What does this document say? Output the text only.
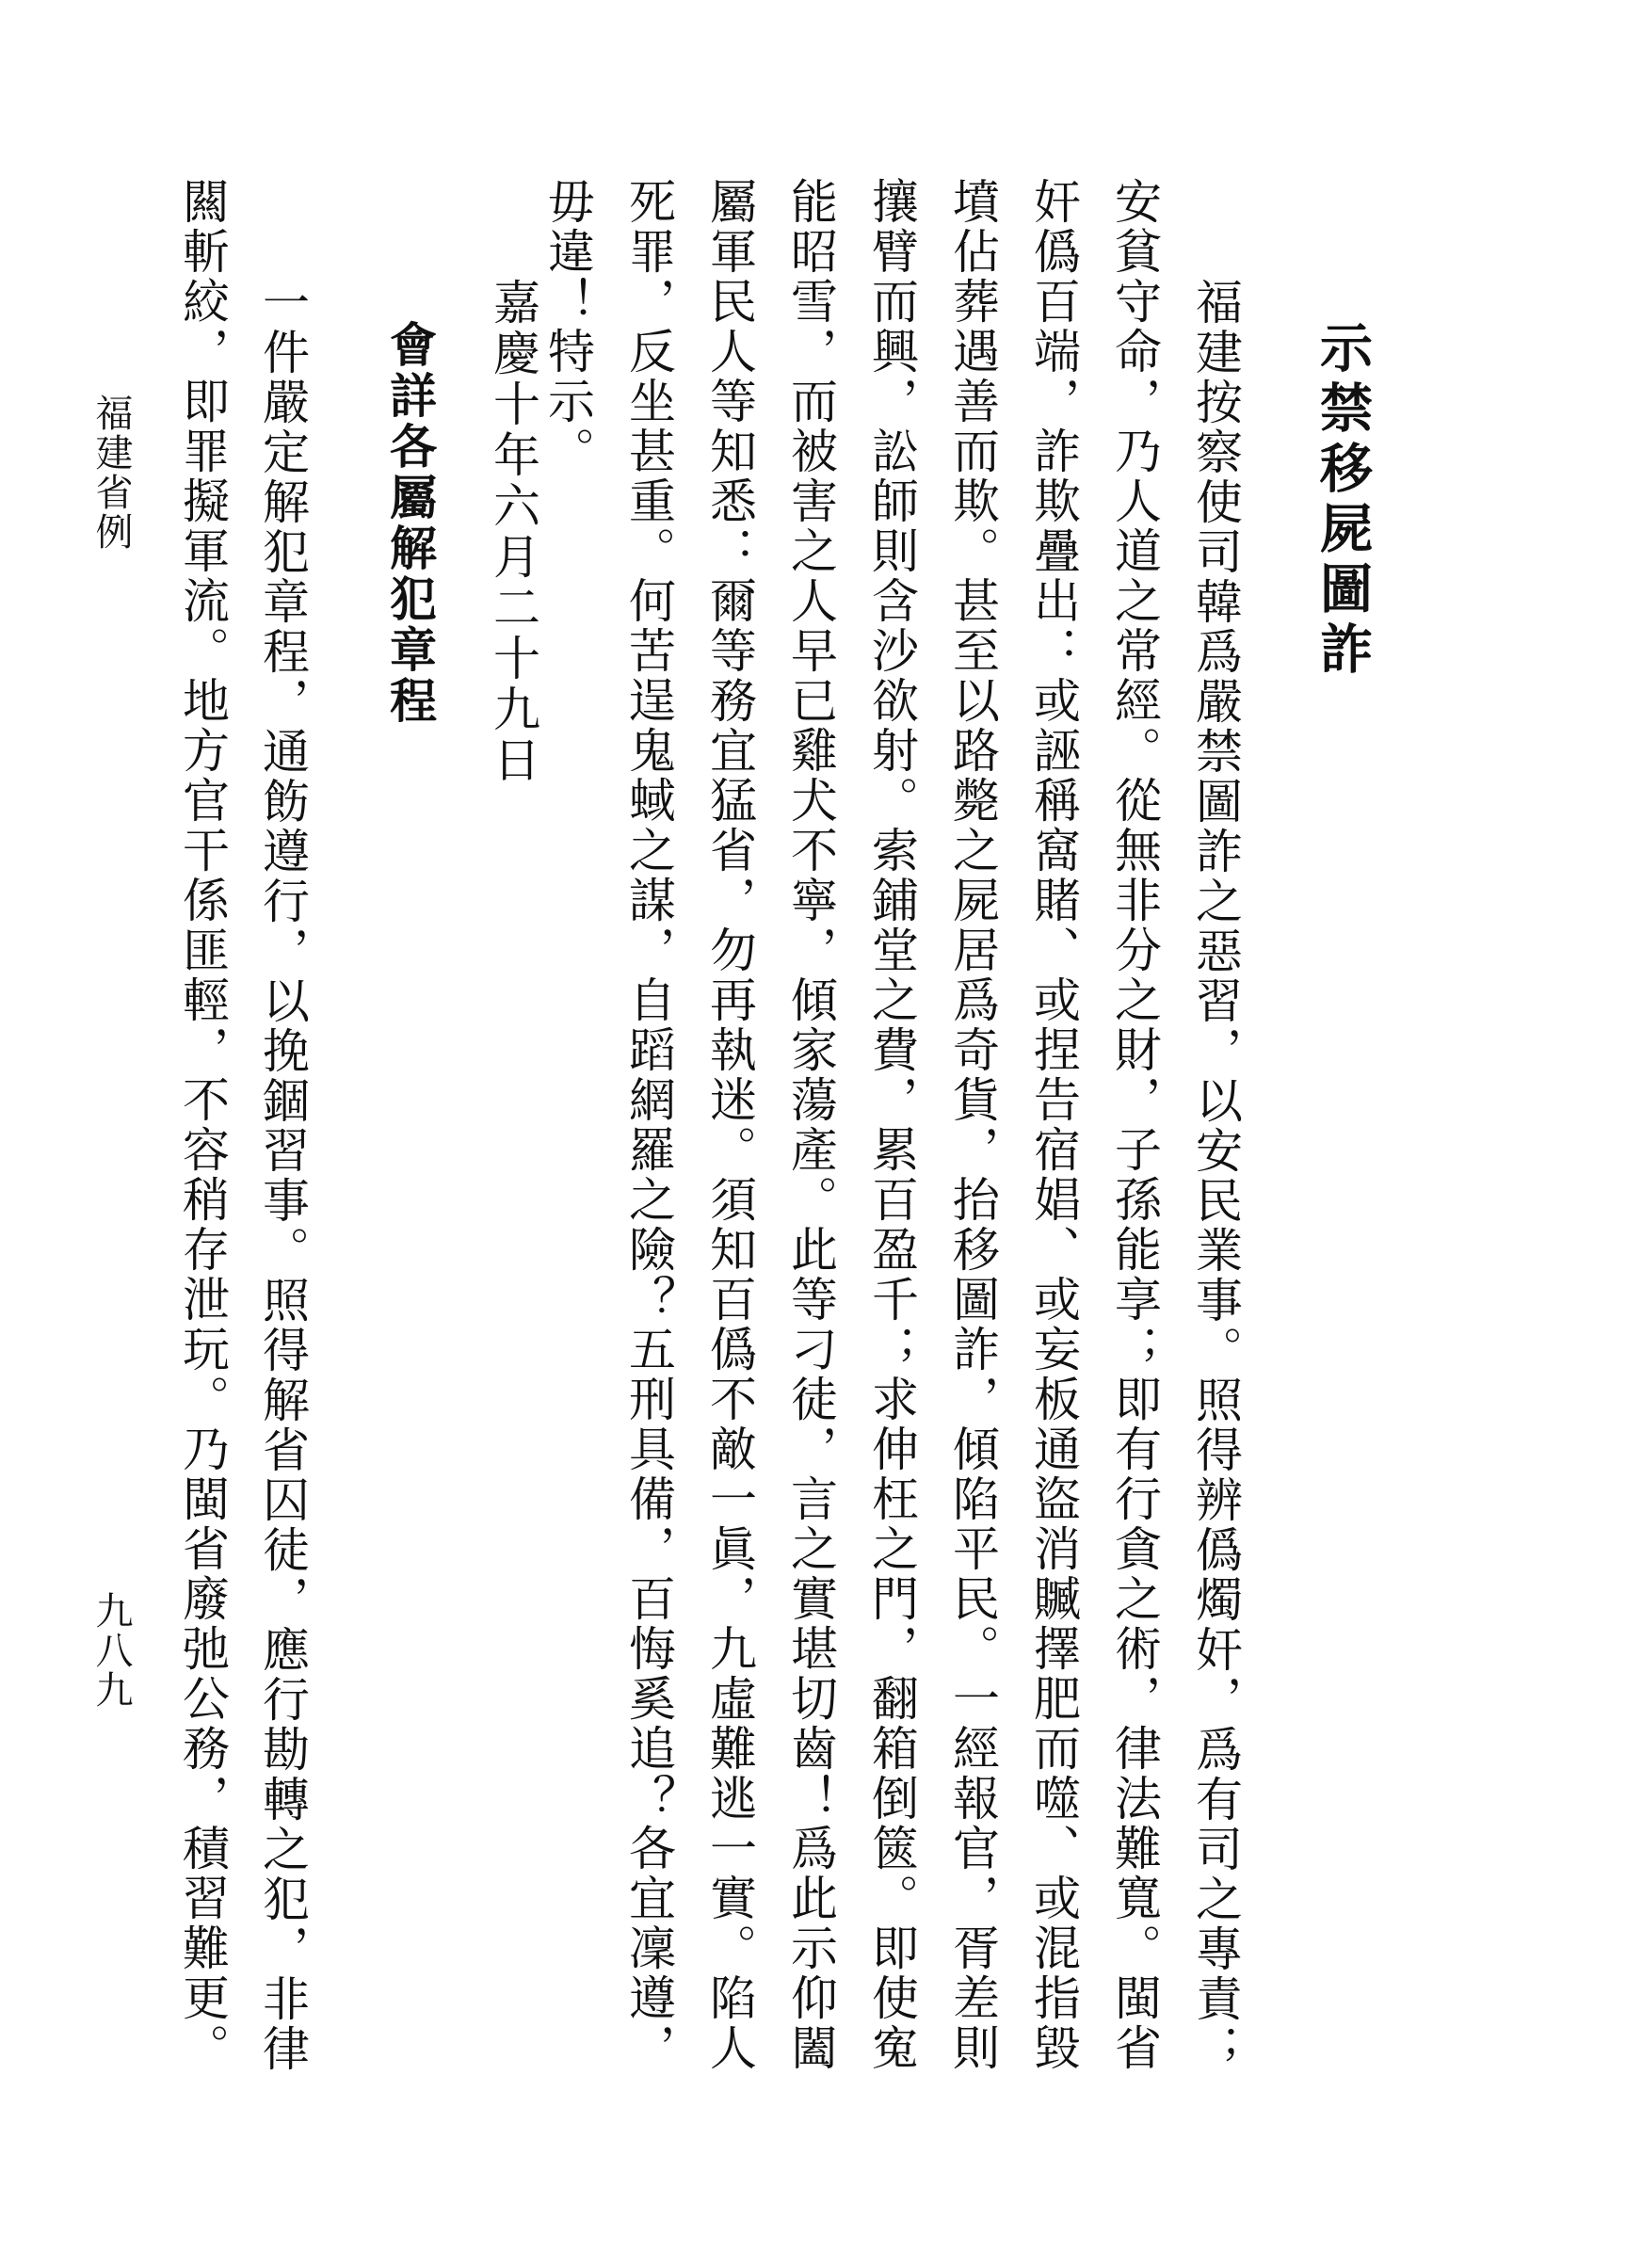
示禁移屍圖詐
福建按察使司韓爲嚴禁圖詐之惡習，以安民業事。照得辨僞燭奸，爲有司之專責；
安貧守命，乃人道之常經。從無非分之財，子孫能享；即有行貪之術，律法難寬。閩省
奸僞百端，詐欺疊出：或誣稱窩賭、或捏告宿娼、或妄板通盜消贓擇肥而噬、或混指毀
墳佔葬遇善而欺。甚至以路斃之屍居爲奇貨，抬移圖詐，傾陷平民。一經報官，胥差則
攘臂而興，訟師則含沙欲射。索鋪堂之費，累百盈千；求伸枉之門，翻箱倒篋。即使寃
能昭雪，而被害之人早已雞犬不寧，傾家蕩產。此等刁徒，言之實堪切齒！爲此示仰闔
屬軍民人等知悉：爾等務宜猛省，勿再執迷。須知百僞不敵一眞，九虛難逃一實。陷人
死罪，反坐甚重。何苦逞鬼蜮之謀，自蹈網羅之險？五刑具備，百悔奚追？各宜凜遵，
毋違！特示。
嘉慶十年六月二十九日
會詳各屬解犯章程
一件嚴定解犯章程，通飭遵行，以挽錮習事。照得解省囚徒，應行勘轉之犯，非律
闗斬絞，即罪擬軍流。地方官干係匪輕，不容稍存泄玩。乃閩省廢弛公務，積習難更。
福建省例
九八九
